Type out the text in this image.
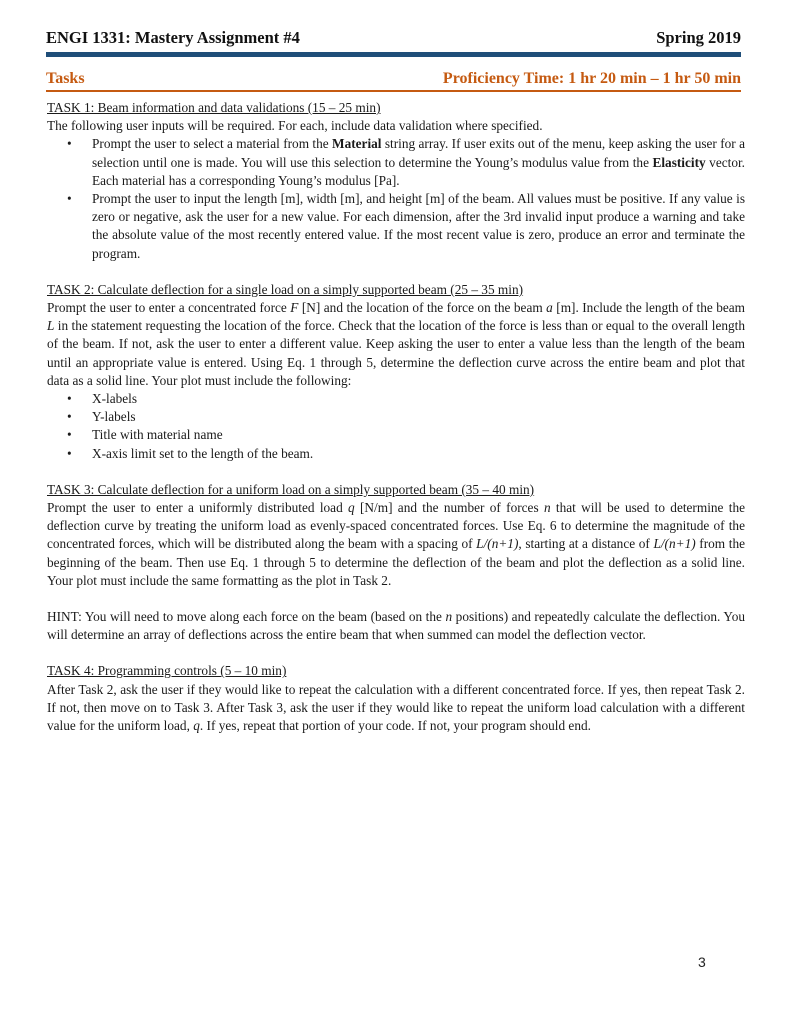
ENGI 1331: Mastery Assignment #4	Spring 2019
Tasks	Proficiency Time: 1 hr 20 min – 1 hr 50 min
TASK 1: Beam information and data validations (15 – 25 min)

The following user inputs will be required. For each, include data validation where specified.

• Prompt the user to select a material from the Material string array. If user exits out of the menu, keep asking the user for a selection until one is made. You will use this selection to determine the Young’s modulus value from the Elasticity vector. Each material has a corresponding Young’s modulus [Pa].
• Prompt the user to input the length [m], width [m], and height [m] of the beam. All values must be positive. If any value is zero or negative, ask the user for a new value. For each dimension, after the 3rd invalid input produce a warning and take the absolute value of the most recently entered value. If the most recent value is zero, produce an error and terminate the program.
TASK 2: Calculate deflection for a single load on a simply supported beam (25 – 35 min)

Prompt the user to enter a concentrated force F [N] and the location of the force on the beam a [m]. Include the length of the beam L in the statement requesting the location of the force. Check that the location of the force is less than or equal to the overall length of the beam. If not, ask the user to enter a different value. Keep asking the user to enter a value less than the length of the beam until an appropriate value is entered. Using Eq. 1 through 5, determine the deflection curve across the entire beam and plot that data as a solid line. Your plot must include the following:

• X-labels
• Y-labels
• Title with material name
• X-axis limit set to the length of the beam.
TASK 3: Calculate deflection for a uniform load on a simply supported beam (35 – 40 min)

Prompt the user to enter a uniformly distributed load q [N/m] and the number of forces n that will be used to determine the deflection curve by treating the uniform load as evenly-spaced concentrated forces. Use Eq. 6 to determine the magnitude of the concentrated forces, which will be distributed along the beam with a spacing of L/(n+1), starting at a distance of L/(n+1) from the beginning of the beam. Then use Eq. 1 through 5 to determine the deflection of the beam and plot the deflection as a solid line. Your plot must include the same formatting as the plot in Task 2.

HINT: You will need to move along each force on the beam (based on the n positions) and repeatedly calculate the deflection. You will determine an array of deflections across the entire beam that when summed can model the deflection vector.

TASK 4: Programming controls (5 – 10 min)

After Task 2, ask the user if they would like to repeat the calculation with a different concentrated force. If yes, then repeat Task 2. If not, then move on to Task 3. After Task 3, ask the user if they would like to repeat the uniform load calculation with a different value for the uniform load, q. If yes, repeat that portion of your code. If not, your program should end.

3
